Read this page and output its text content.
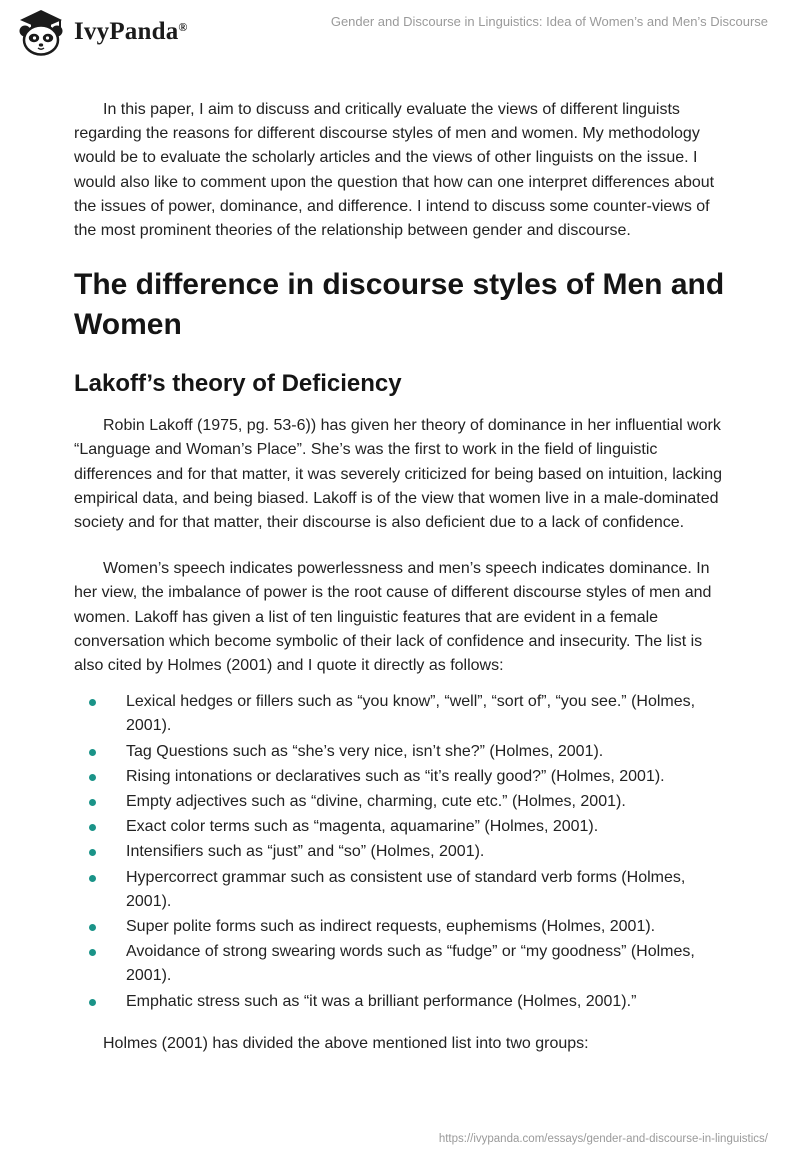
IvyPanda®	Gender and Discourse in Linguistics: Idea of Women’s and Men’s Discourse

In this paper, I aim to discuss and critically evaluate the views of different linguists regarding the reasons for different discourse styles of men and women. My methodology would be to evaluate the scholarly articles and the views of other linguists on the issue. I would also like to comment upon the question that how can one interpret differences about the issues of power, dominance, and difference. I intend to discuss some counter-views of the most prominent theories of the relationship between gender and discourse.

The difference in discourse styles of Men and Women
Lakoff’s theory of Deficiency

Robin Lakoff (1975, pg. 53-6)) has given her theory of dominance in her influential work “Language and Woman’s Place”. She’s was the first to work in the field of linguistic differences and for that matter, it was severely criticized for being based on intuition, lacking empirical data, and being biased. Lakoff is of the view that women live in a male-dominated society and for that matter, their discourse is also deficient due to a lack of confidence.

Women’s speech indicates powerlessness and men’s speech indicates dominance. In her view, the imbalance of power is the root cause of different discourse styles of men and women. Lakoff has given a list of ten linguistic features that are evident in a female conversation which become symbolic of their lack of confidence and insecurity. The list is also cited by Holmes (2001) and I quote it directly as follows:

Lexical hedges or fillers such as “you know”, “well”, “sort of”, “you see.” (Holmes, 2001).
Tag Questions such as “she’s very nice, isn’t she?” (Holmes, 2001).
Rising intonations or declaratives such as “it’s really good?” (Holmes, 2001).
Empty adjectives such as “divine, charming, cute etc.” (Holmes, 2001).
Exact color terms such as “magenta, aquamarine” (Holmes, 2001).
Intensifiers such as “just” and “so” (Holmes, 2001).
Hypercorrect grammar such as consistent use of standard verb forms (Holmes, 2001).
Super polite forms such as indirect requests, euphemisms (Holmes, 2001).
Avoidance of strong swearing words such as “fudge” or “my goodness” (Holmes, 2001).
Emphatic stress such as “it was a brilliant performance (Holmes, 2001).”

Holmes (2001) has divided the above mentioned list into two groups:

https://ivypanda.com/essays/gender-and-discourse-in-linguistics/
